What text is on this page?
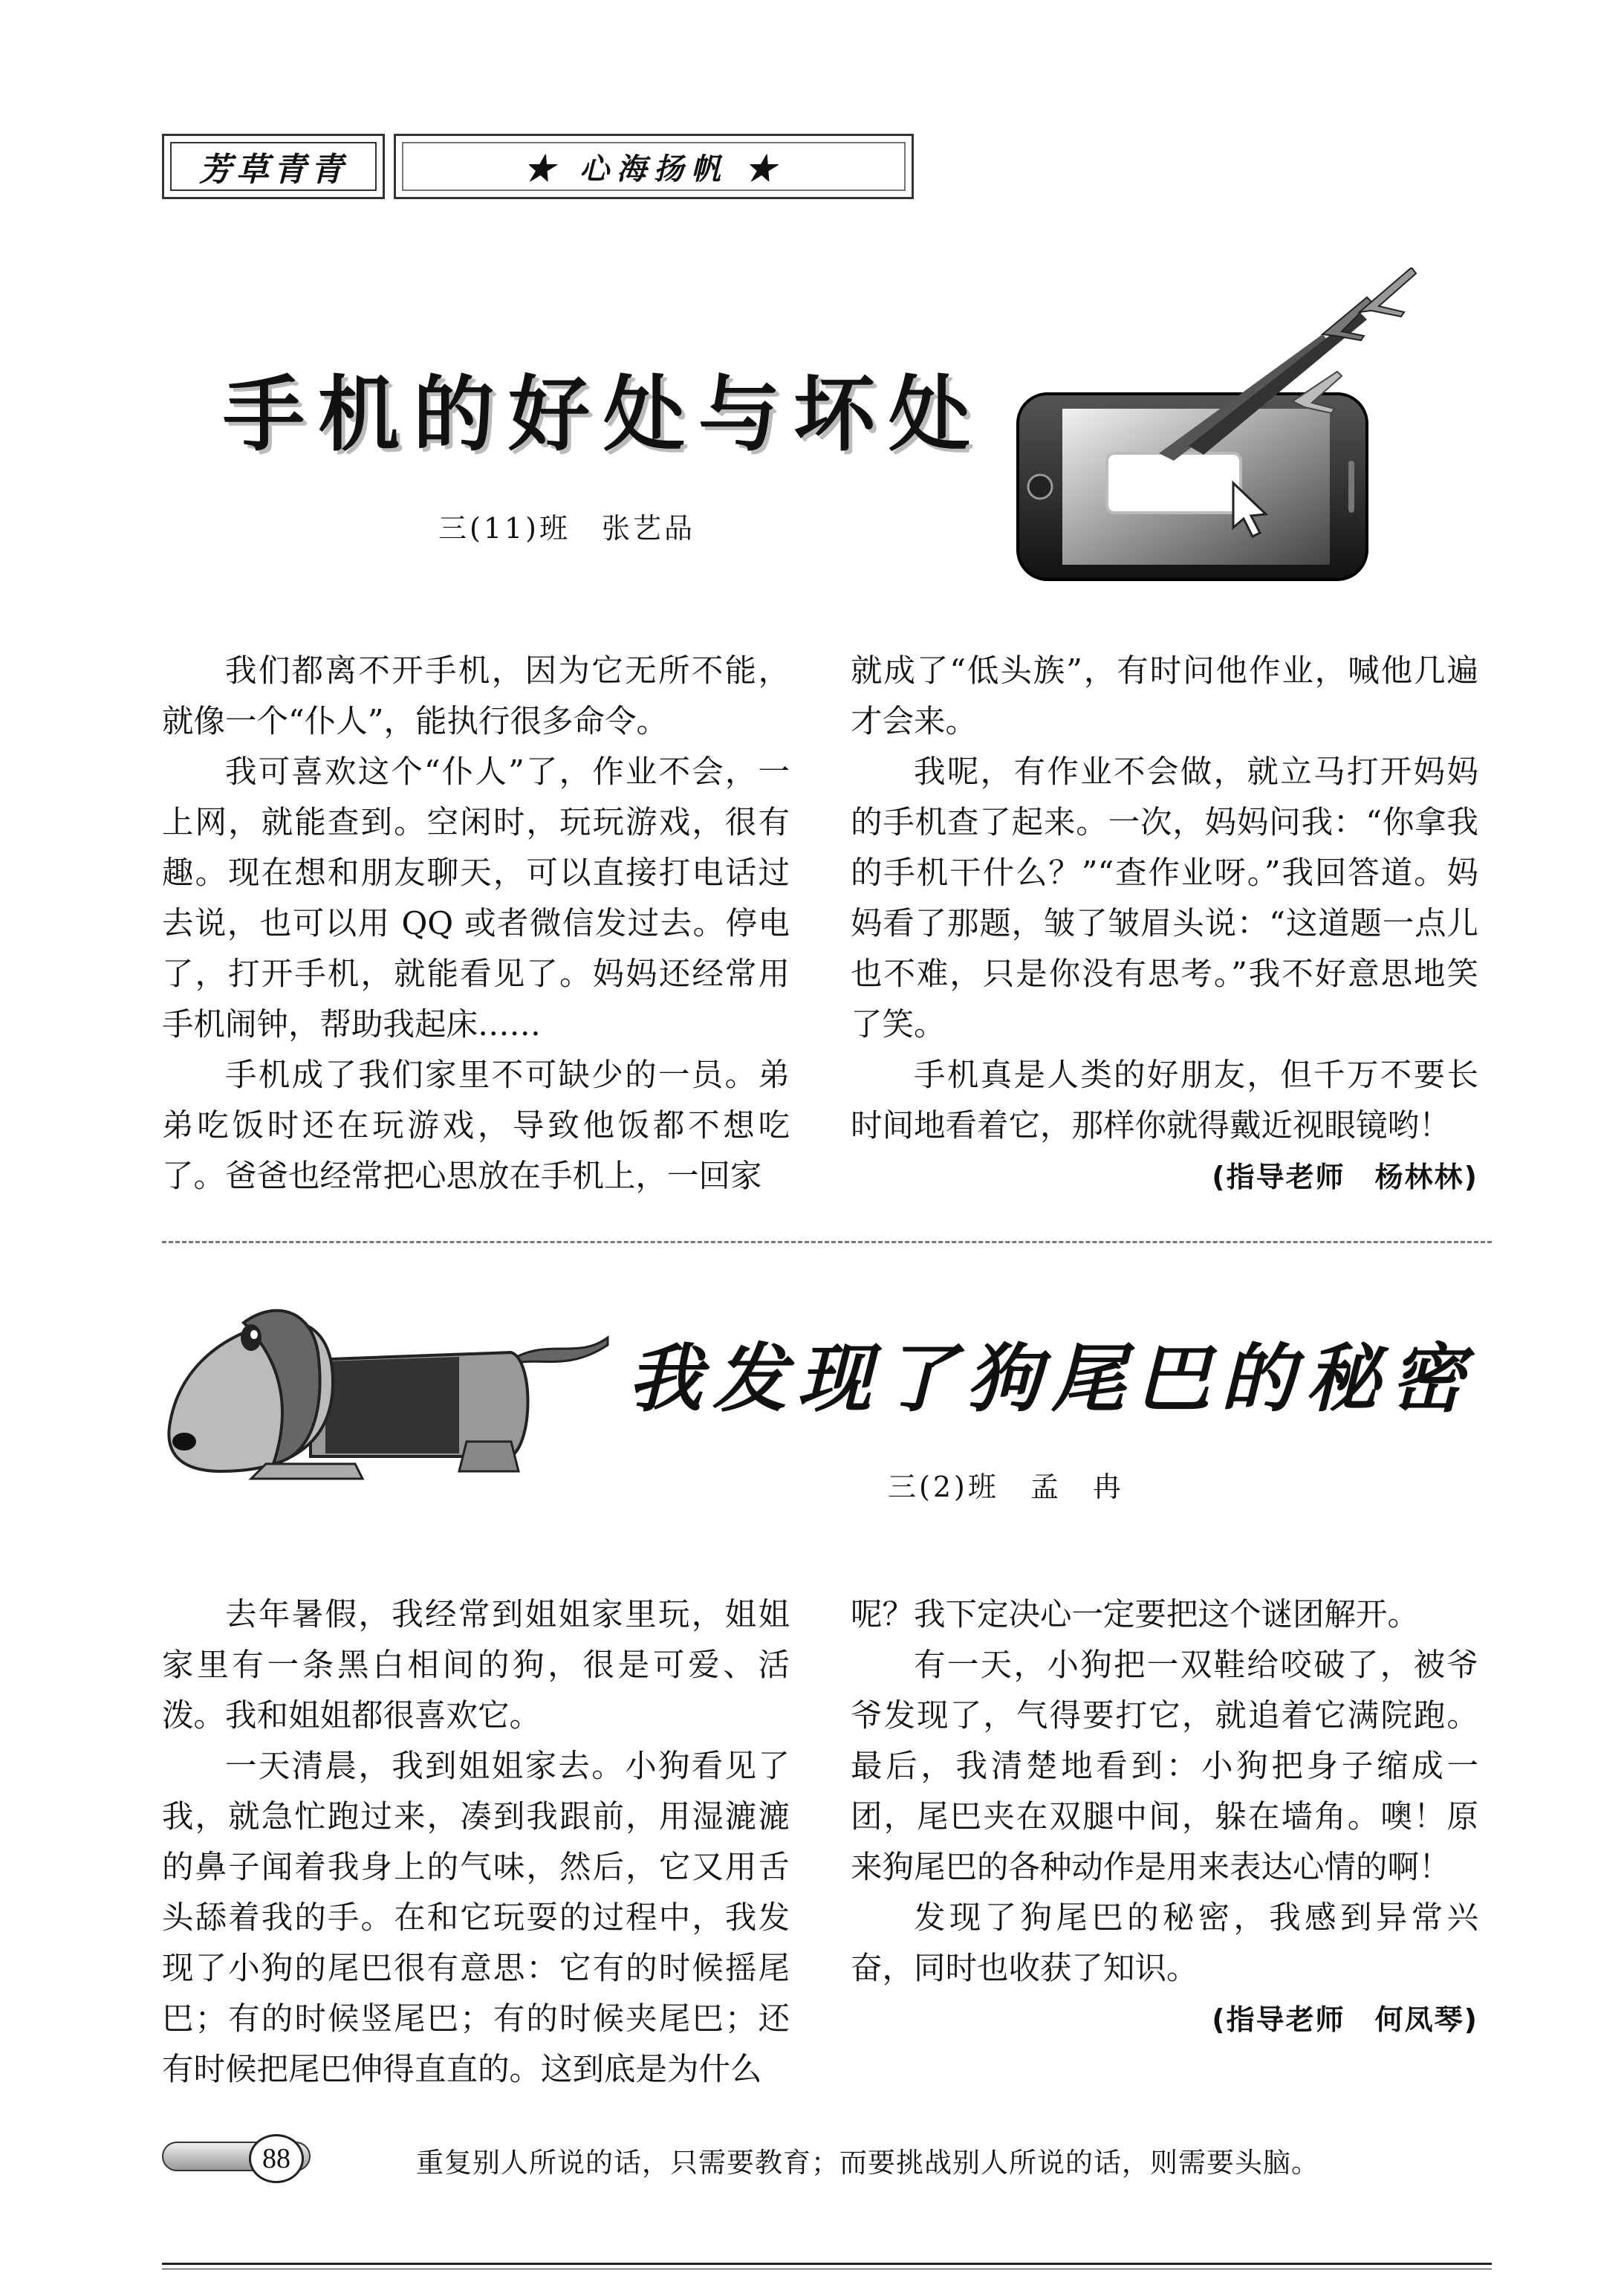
芳草青青	★ 心海扬帆 ★
手机的好处与坏处
三(11)班　张艺品

我们都离不开手机，因为它无所不能，就像一个“仆人”，能执行很多命令。

我可喜欢这个“仆人”了，作业不会，一上网，就能查到。空闲时，玩玩游戏，很有趣。现在想和朋友聊天，可以直接打电话过去说，也可以用 QQ 或者微信发过去。停电了，打开手机，就能看见了。妈妈还经常用手机闹钟，帮助我起床……

手机成了我们家里不可缺少的一员。弟弟吃饭时还在玩游戏，导致他饭都不想吃了。爸爸也经常把心思放在手机上，一回家

就成了“低头族”，有时问他作业，喊他几遍才会来。

我呢，有作业不会做，就立马打开妈妈的手机查了起来。一次，妈妈问我：“你拿我的手机干什么？”“查作业呀。”我回答道。妈妈看了那题，皱了皱眉头说：“这道题一点儿也不难，只是你没有思考。”我不好意思地笑了笑。

手机真是人类的好朋友，但千万不要长时间地看着它，那样你就得戴近视眼镜哟！

(指导老师　杨林林)
我发现了狗尾巴的秘密
三(2)班　孟　冉

去年暑假，我经常到姐姐家里玩，姐姐家里有一条黑白相间的狗，很是可爱、活泼。我和姐姐都很喜欢它。

一天清晨，我到姐姐家去。小狗看见了我，就急忙跑过来，凑到我跟前，用湿漉漉的鼻子闻着我身上的气味，然后，它又用舌头舔着我的手。在和它玩耍的过程中，我发现了小狗的尾巴很有意思：它有的时候摇尾巴；有的时候竖尾巴；有的时候夹尾巴；还有时候把尾巴伸得直直的。这到底是为什么

呢？我下定决心一定要把这个谜团解开。

有一天，小狗把一双鞋给咬破了，被爷爷发现了，气得要打它，就追着它满院跑。最后，我清楚地看到：小狗把身子缩成一团，尾巴夹在双腿中间，躲在墙角。噢！原来狗尾巴的各种动作是用来表达心情的啊！

发现了狗尾巴的秘密，我感到异常兴奋，同时也收获了知识。

(指导老师　何凤琴)
88	重复别人所说的话，只需要教育；而要挑战别人所说的话，则需要头脑。
